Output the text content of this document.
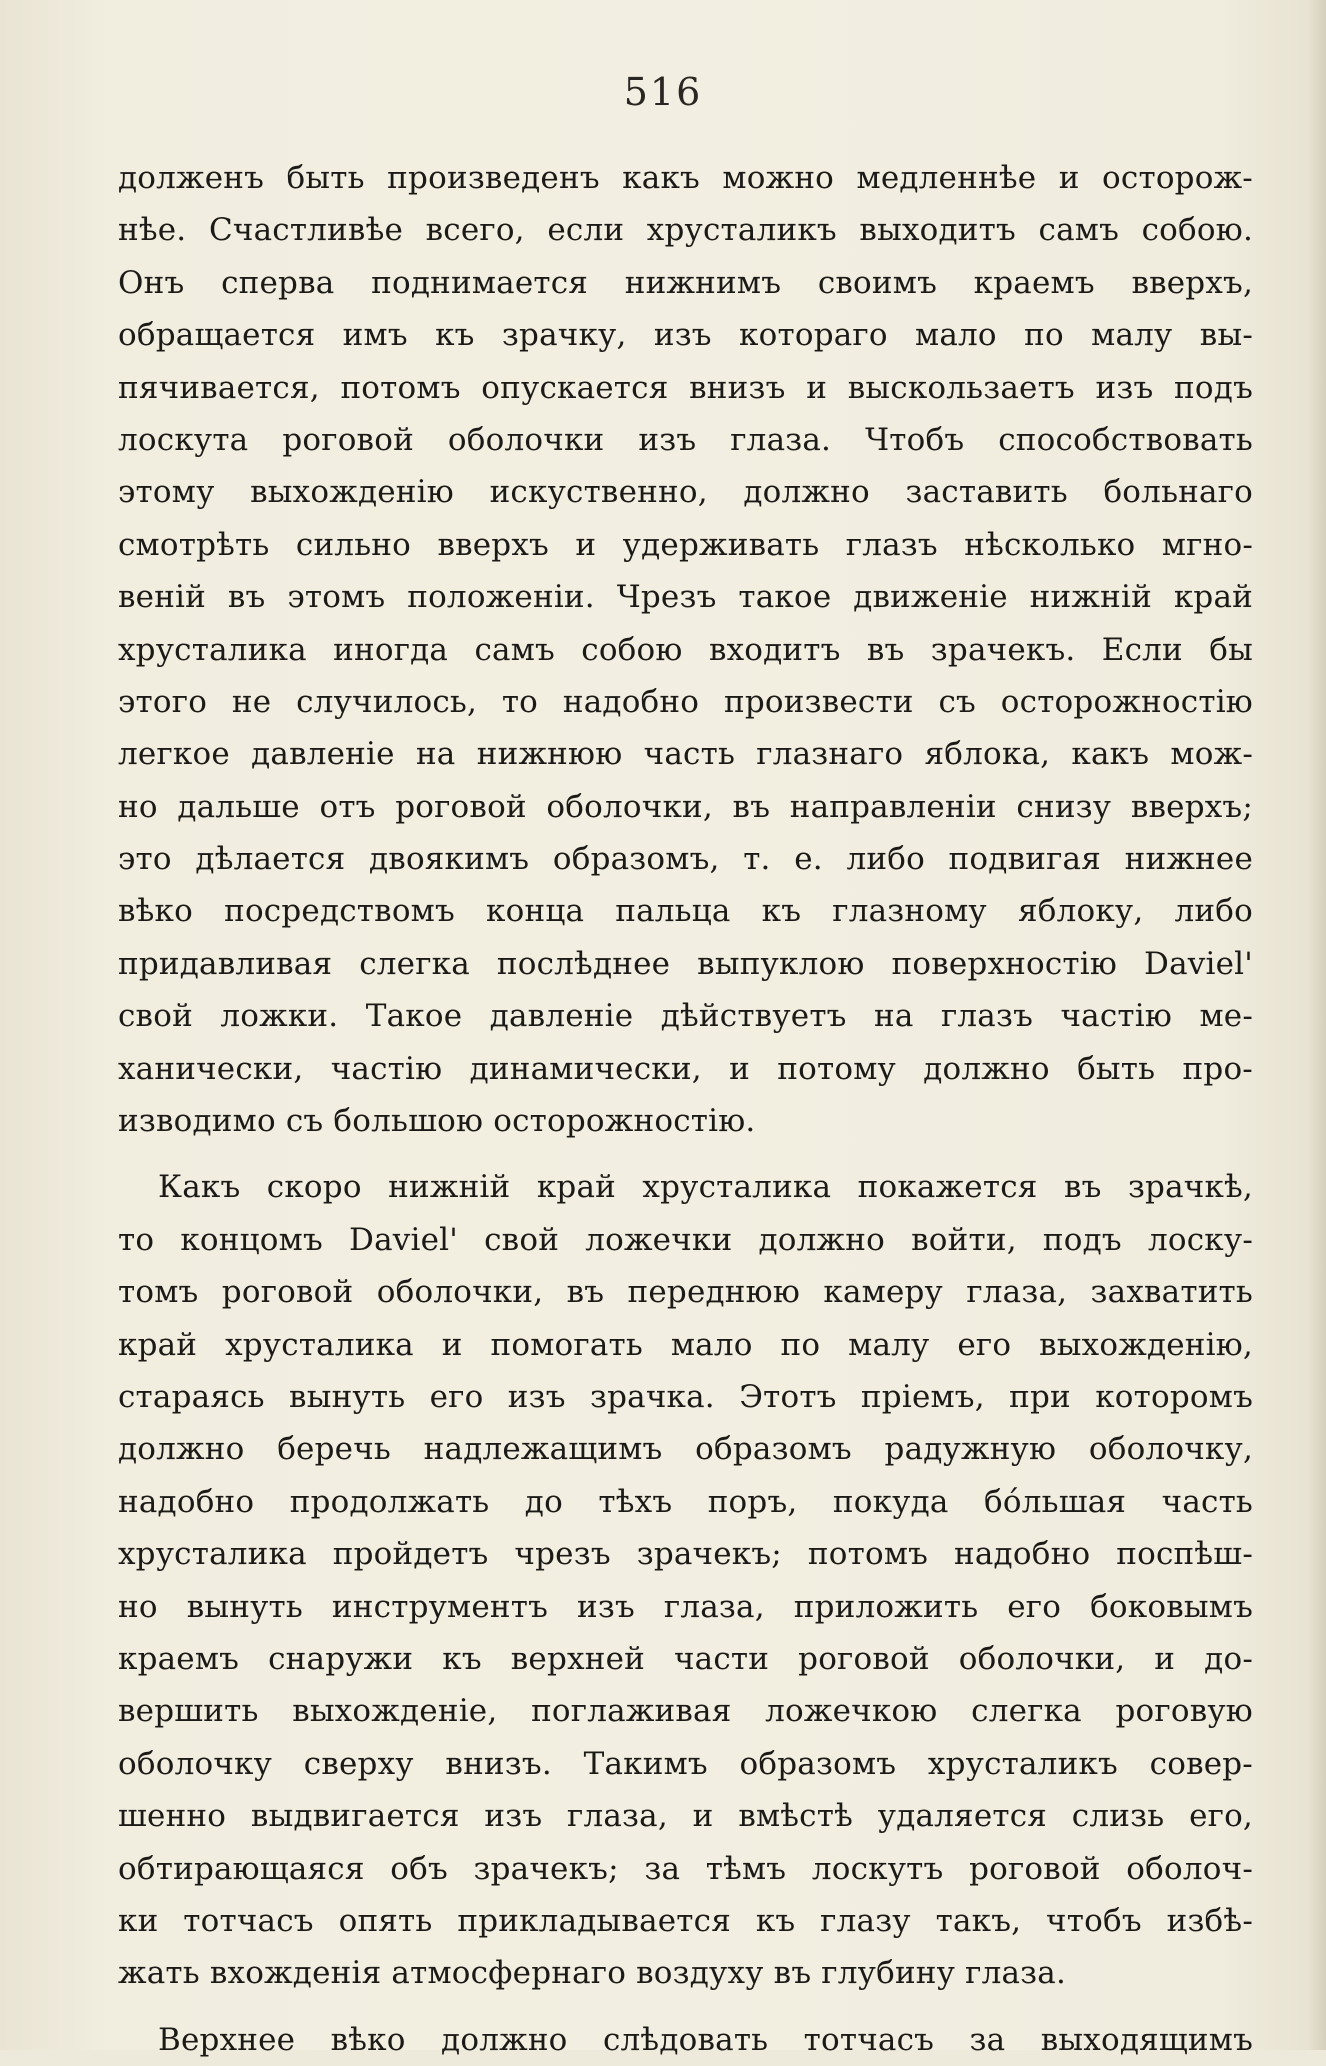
516
долженъ быть произведенъ какъ можно медленнѣе и осторож-
нѣе. Счастливѣе всего, если хрусталикъ выходитъ самъ собою.
Онъ сперва поднимается нижнимъ своимъ краемъ вверхъ,
обращается имъ къ зрачку, изъ котораго мало по малу вы-
пячивается, потомъ опускается внизъ и выскользаетъ изъ подъ
лоскута роговой оболочки изъ глаза. Чтобъ способствовать
этому выхожденію искуственно, должно заставить больнаго
смотрѣть сильно вверхъ и удерживать глазъ нѣсколько мгно-
веній въ этомъ положеніи. Чрезъ такое движеніе нижній край
хрусталика иногда самъ собою входитъ въ зрачекъ. Если бы
этого не случилось, то надобно произвести съ осторожностію
легкое давленіе на нижнюю часть глазнаго яблока, какъ мож-
но дальше отъ роговой оболочки, въ направленіи снизу вверхъ;
это дѣлается двоякимъ образомъ, т. е. либо подвигая нижнее
вѣко посредствомъ конца пальца къ глазному яблоку, либо
придавливая слегка послѣднее выпуклою поверхностію Daviel'
свой ложки. Такое давленіе дѣйствуетъ на глазъ частію ме-
ханически, частію динамически, и потому должно быть про-
изводимо съ большою осторожностію.
Какъ скоро нижній край хрусталика покажется въ зрачкѣ,
то концомъ Daviel' свой ложечки должно войти, подъ лоску-
томъ роговой оболочки, въ переднюю камеру глаза, захватить
край хрусталика и помогать мало по малу его выхожденію,
стараясь вынуть его изъ зрачка. Этотъ пріемъ, при которомъ
должно беречь надлежащимъ образомъ радужную оболочку,
надобно продолжать до тѣхъ поръ, покуда бо́льшая часть
хрусталика пройдетъ чрезъ зрачекъ; потомъ надобно поспѣш-
но вынуть инструментъ изъ глаза, приложить его боковымъ
краемъ снаружи къ верхней части роговой оболочки, и до-
вершить выхожденіе, поглаживая ложечкою слегка роговую
оболочку сверху внизъ. Такимъ образомъ хрусталикъ совер-
шенно выдвигается изъ глаза, и вмѣстѣ удаляется слизь его,
обтирающаяся объ зрачекъ; за тѣмъ лоскутъ роговой оболоч-
ки тотчасъ опять прикладывается къ глазу такъ, чтобъ избѣ-
жать вхожденія атмосфернаго воздуху въ глубину глаза.
Верхнее вѣко должно слѣдовать тотчасъ за выходящимъ
